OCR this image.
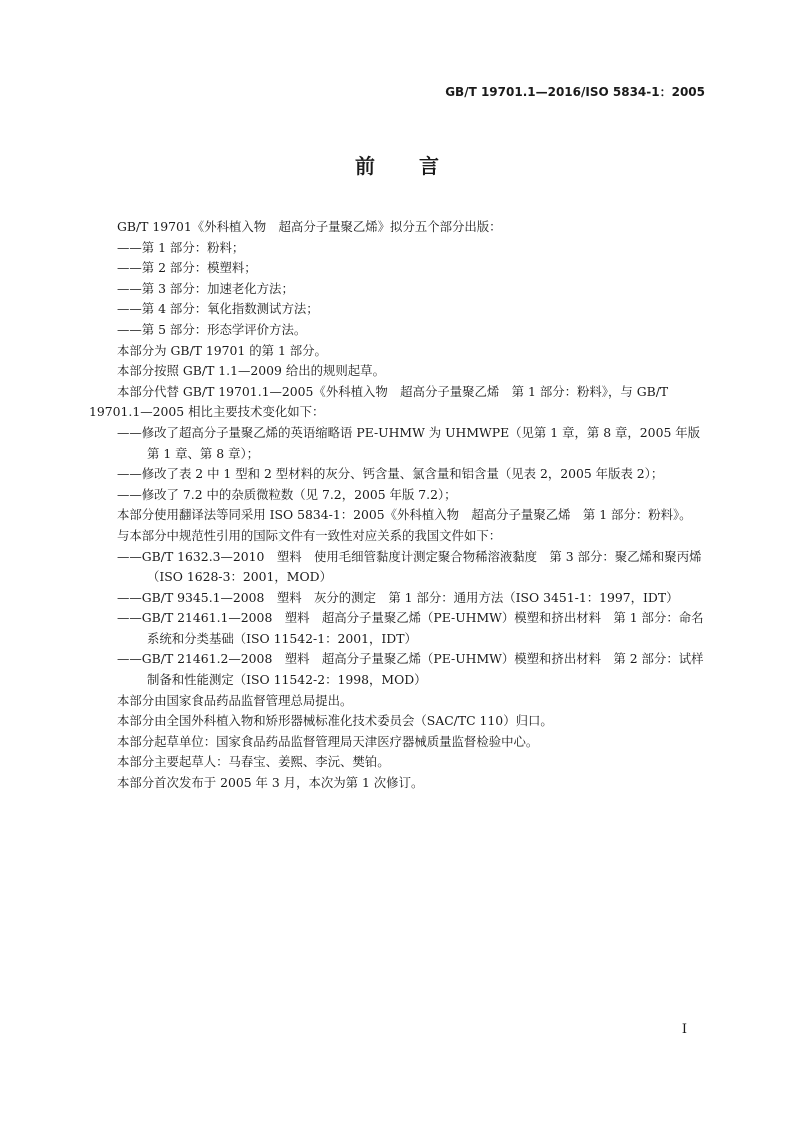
GB/T 19701.1—2016/ISO 5834-1：2005
前言

GB/T 19701《外科植入物　超高分子量聚乙烯》拟分五个部分出版：

——第 1 部分：粉料；

——第 2 部分：模塑料；

——第 3 部分：加速老化方法；

——第 4 部分：氧化指数测试方法；

——第 5 部分：形态学评价方法。

本部分为 GB/T 19701 的第 1 部分。

本部分按照 GB/T 1.1—2009 给出的规则起草。

本部分代替 GB/T 19701.1—2005《外科植入物　超高分子量聚乙烯　第 1 部分：粉料》，与 GB/T 19701.1—2005 相比主要技术变化如下：

——修改了超高分子量聚乙烯的英语缩略语 PE-UHMW 为 UHMWPE（见第 1 章，第 8 章，2005 年版第 1 章、第 8 章）；

——修改了表 2 中 1 型和 2 型材料的灰分、钙含量、氯含量和铝含量（见表 2，2005 年版表 2）；

——修改了 7.2 中的杂质微粒数（见 7.2，2005 年版 7.2）；

本部分使用翻译法等同采用 ISO 5834-1：2005《外科植入物　超高分子量聚乙烯　第 1 部分：粉料》。

与本部分中规范性引用的国际文件有一致性对应关系的我国文件如下：

——GB/T 1632.3—2010　塑料　使用毛细管黏度计测定聚合物稀溶液黏度　第 3 部分：聚乙烯和聚丙烯（ISO 1628-3：2001，MOD）

——GB/T 9345.1—2008　塑料　灰分的测定　第 1 部分：通用方法（ISO 3451-1：1997，IDT）

——GB/T 21461.1—2008　塑料　超高分子量聚乙烯（PE-UHMW）模塑和挤出材料　第 1 部分：命名系统和分类基础（ISO 11542-1：2001，IDT）

——GB/T 21461.2—2008　塑料　超高分子量聚乙烯（PE-UHMW）模塑和挤出材料　第 2 部分：试样制备和性能测定（ISO 11542-2：1998，MOD）

本部分由国家食品药品监督管理总局提出。

本部分由全国外科植入物和矫形器械标准化技术委员会（SAC/TC 110）归口。

本部分起草单位：国家食品药品监督管理局天津医疗器械质量监督检验中心。

本部分主要起草人：马春宝、姜熙、李沅、樊铂。

本部分首次发布于 2005 年 3 月，本次为第 1 次修订。

I
